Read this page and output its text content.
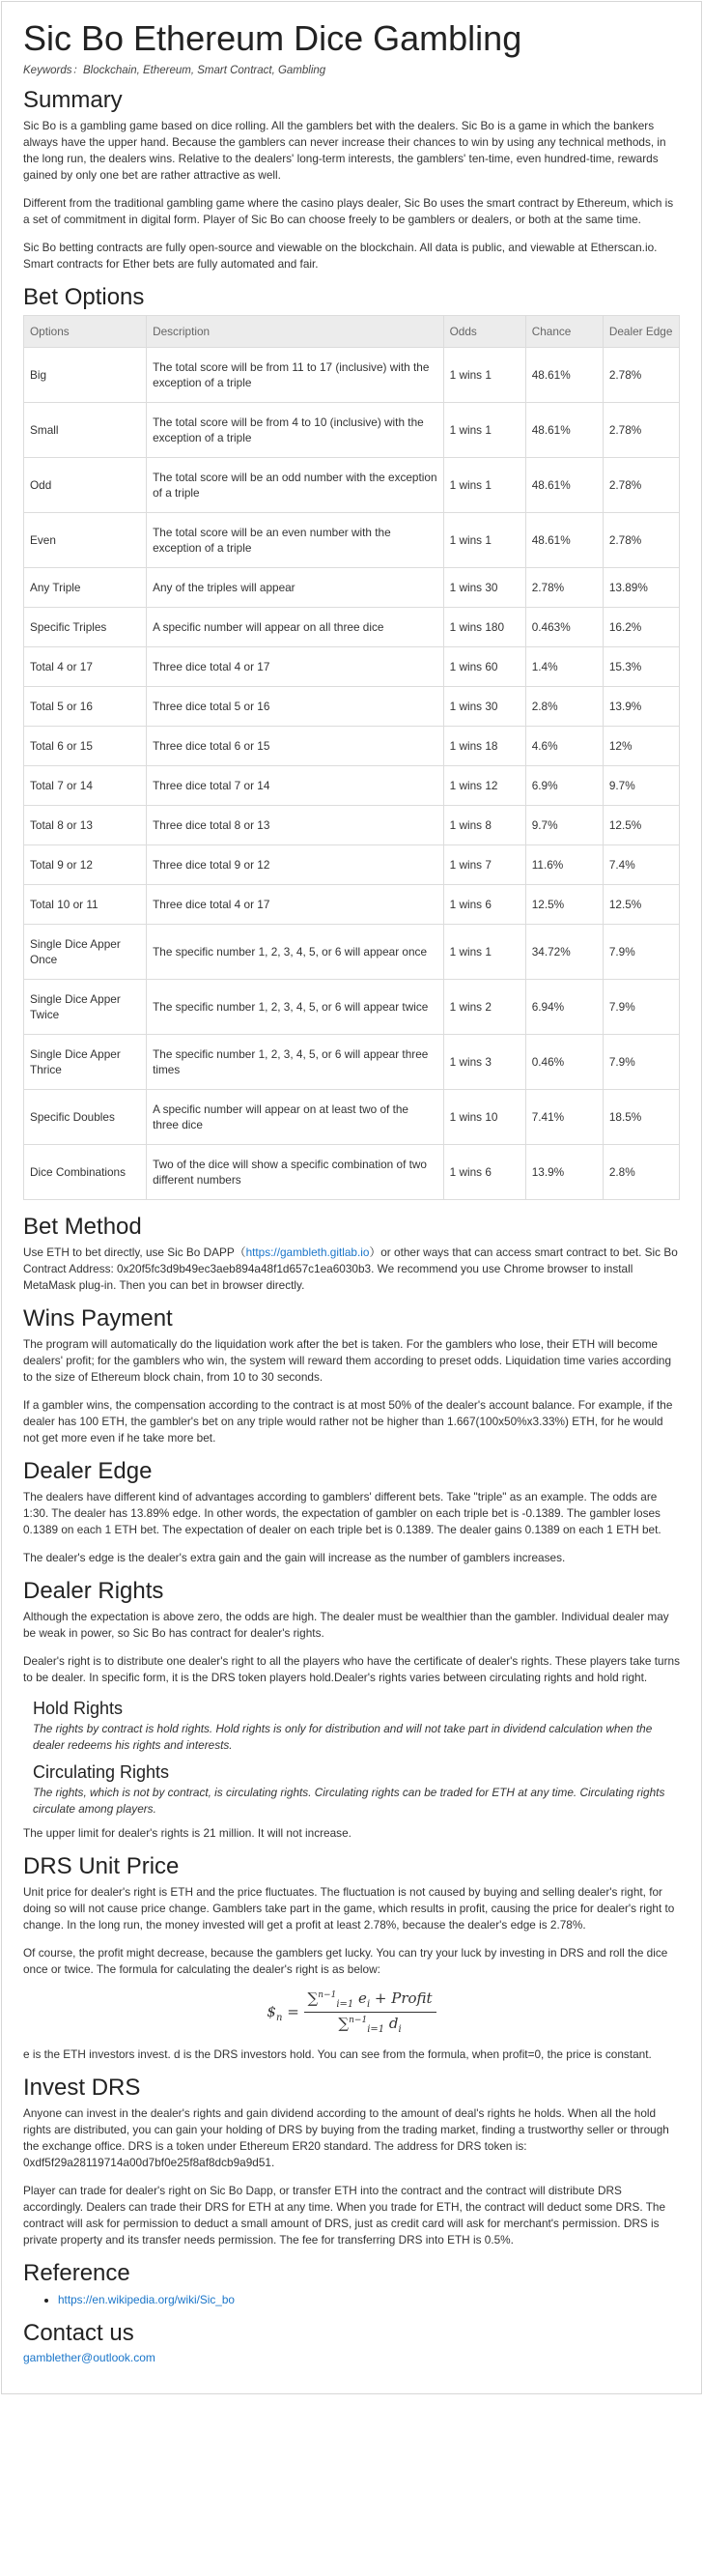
Sic Bo Ethereum Dice Gambling
Keywords：Blockchain, Ethereum, Smart Contract, Gambling
Summary

Sic Bo is a gambling game based on dice rolling. All the gamblers bet with the dealers. Sic Bo is a game in which the bankers always have the upper hand. Because the gamblers can never increase their chances to win by using any technical methods, in the long run, the dealers wins. Relative to the dealers' long-term interests, the gamblers' ten-time, even hundred-time, rewards gained by only one bet are rather attractive as well.

Different from the traditional gambling game where the casino plays dealer, Sic Bo uses the smart contract by Ethereum, which is a set of commitment in digital form. Player of Sic Bo can choose freely to be gamblers or dealers, or both at the same time.

Sic Bo betting contracts are fully open-source and viewable on the blockchain. All data is public, and viewable at Etherscan.io. Smart contracts for Ether bets are fully automated and fair.

Bet Options
Options	Description	Odds	Chance	Dealer Edge
Big	The total score will be from 11 to 17 (inclusive) with the exception of a triple	1 wins 1	48.61%	2.78%
Small	The total score will be from 4 to 10 (inclusive) with the exception of a triple	1 wins 1	48.61%	2.78%
Odd	The total score will be an odd number with the exception of a triple	1 wins 1	48.61%	2.78%
Even	The total score will be an even number with the exception of a triple	1 wins 1	48.61%	2.78%
Any Triple	Any of the triples will appear	1 wins 30	2.78%	13.89%
Specific Triples	A specific number will appear on all three dice	1 wins 180	0.463%	16.2%
Total 4 or 17	Three dice total 4 or 17	1 wins 60	1.4%	15.3%
Total 5 or 16	Three dice total 5 or 16	1 wins 30	2.8%	13.9%
Total 6 or 15	Three dice total 6 or 15	1 wins 18	4.6%	12%
Total 7 or 14	Three dice total 7 or 14	1 wins 12	6.9%	9.7%
Total 8 or 13	Three dice total 8 or 13	1 wins 8	9.7%	12.5%
Total 9 or 12	Three dice total 9 or 12	1 wins 7	11.6%	7.4%
Total 10 or 11	Three dice total 4 or 17	1 wins 6	12.5%	12.5%
Single Dice Apper Once	The specific number 1, 2, 3, 4, 5, or 6 will appear once	1 wins 1	34.72%	7.9%
Single Dice Apper Twice	The specific number 1, 2, 3, 4, 5, or 6 will appear twice	1 wins 2	6.94%	7.9%
Single Dice Apper Thrice	The specific number 1, 2, 3, 4, 5, or 6 will appear three times	1 wins 3	0.46%	7.9%
Specific Doubles	A specific number will appear on at least two of the three dice	1 wins 10	7.41%	18.5%
Dice Combinations	Two of the dice will show a specific combination of two different numbers	1 wins 6	13.9%	2.8%
Bet Method

Use ETH to bet directly, use Sic Bo DAPP（https://gambleth.gitlab.io）or other ways that can access smart contract to bet. Sic Bo Contract Address: 0x20f5fc3d9b49ec3aeb894a48f1d657c1ea6030b3. We recommend you use Chrome browser to install MetaMask plug-in. Then you can bet in browser directly.

Wins Payment

The program will automatically do the liquidation work after the bet is taken. For the gamblers who lose, their ETH will become dealers' profit; for the gamblers who win, the system will reward them according to preset odds. Liquidation time varies according to the size of Ethereum block chain, from 10 to 30 seconds.

If a gambler wins, the compensation according to the contract is at most 50% of the dealer's account balance. For example, if the dealer has 100 ETH, the gambler's bet on any triple would rather not be higher than 1.667(100x50%x3.33%) ETH, for he would not get more even if he take more bet.

Dealer Edge

The dealers have different kind of advantages according to gamblers' different bets. Take "triple" as an example. The odds are 1:30. The dealer has 13.89% edge. In other words, the expectation of gambler on each triple bet is -0.1389. The gambler loses 0.1389 on each 1 ETH bet. The expectation of dealer on each triple bet is 0.1389. The dealer gains 0.1389 on each 1 ETH bet.

The dealer's edge is the dealer's extra gain and the gain will increase as the number of gamblers increases.

Dealer Rights

Although the expectation is above zero, the odds are high. The dealer must be wealthier than the gambler. Individual dealer may be weak in power, so Sic Bo has contract for dealer's rights.

Dealer's right is to distribute one dealer's right to all the players who have the certificate of dealer's rights. These players take turns to be dealer. In specific form, it is the DRS token players hold.Dealer's rights varies between circulating rights and hold right.

Hold Rights

The rights by contract is hold rights. Hold rights is only for distribution and will not take part in dividend calculation when the dealer redeems his rights and interests.

Circulating Rights

The rights, which is not by contract, is circulating rights. Circulating rights can be traded for ETH at any time. Circulating rights circulate among players.

The upper limit for dealer's rights is 21 million. It will not increase.

DRS Unit Price

Unit price for dealer's right is ETH and the price fluctuates. The fluctuation is not caused by buying and selling dealer's right, for doing so will not cause price change. Gamblers take part in the game, which results in profit, causing the price for dealer's right to change. In the long run, the money invested will get a profit at least 2.78%, because the dealer's edge is 2.78%.

Of course, the profit might decrease, because the gamblers get lucky. You can try your luck by investing in DRS and roll the dice once or twice. The formula for calculating the dealer's right is as below:

$\$_n = \frac{\sum^{n-1}_{i=1} e_i + Profit}{\sum^{n-1}_{i=1} d_i}$

e is the ETH investors invest. d is the DRS investors hold. You can see from the formula, when profit=0, the price is constant.

Invest DRS

Anyone can invest in the dealer's rights and gain dividend according to the amount of deal's rights he holds. When all the hold rights are distributed, you can gain your holding of DRS by buying from the trading market, finding a trustworthy seller or through the exchange office. DRS is a token under Ethereum ER20 standard. The address for DRS token is: 0xdf5f29a28119714a00d7bf0e25f8af8dcb9a9d51.

Player can trade for dealer's right on Sic Bo Dapp, or transfer ETH into the contract and the contract will distribute DRS accordingly. Dealers can trade their DRS for ETH at any time. When you trade for ETH, the contract will deduct some DRS. The contract will ask for permission to deduct a small amount of DRS, just as credit card will ask for merchant's permission. DRS is private property and its transfer needs permission. The fee for transferring DRS into ETH is 0.5%.

Reference
• https://en.wikipedia.org/wiki/Sic_bo
Contact us
gamblether@outlook.com
